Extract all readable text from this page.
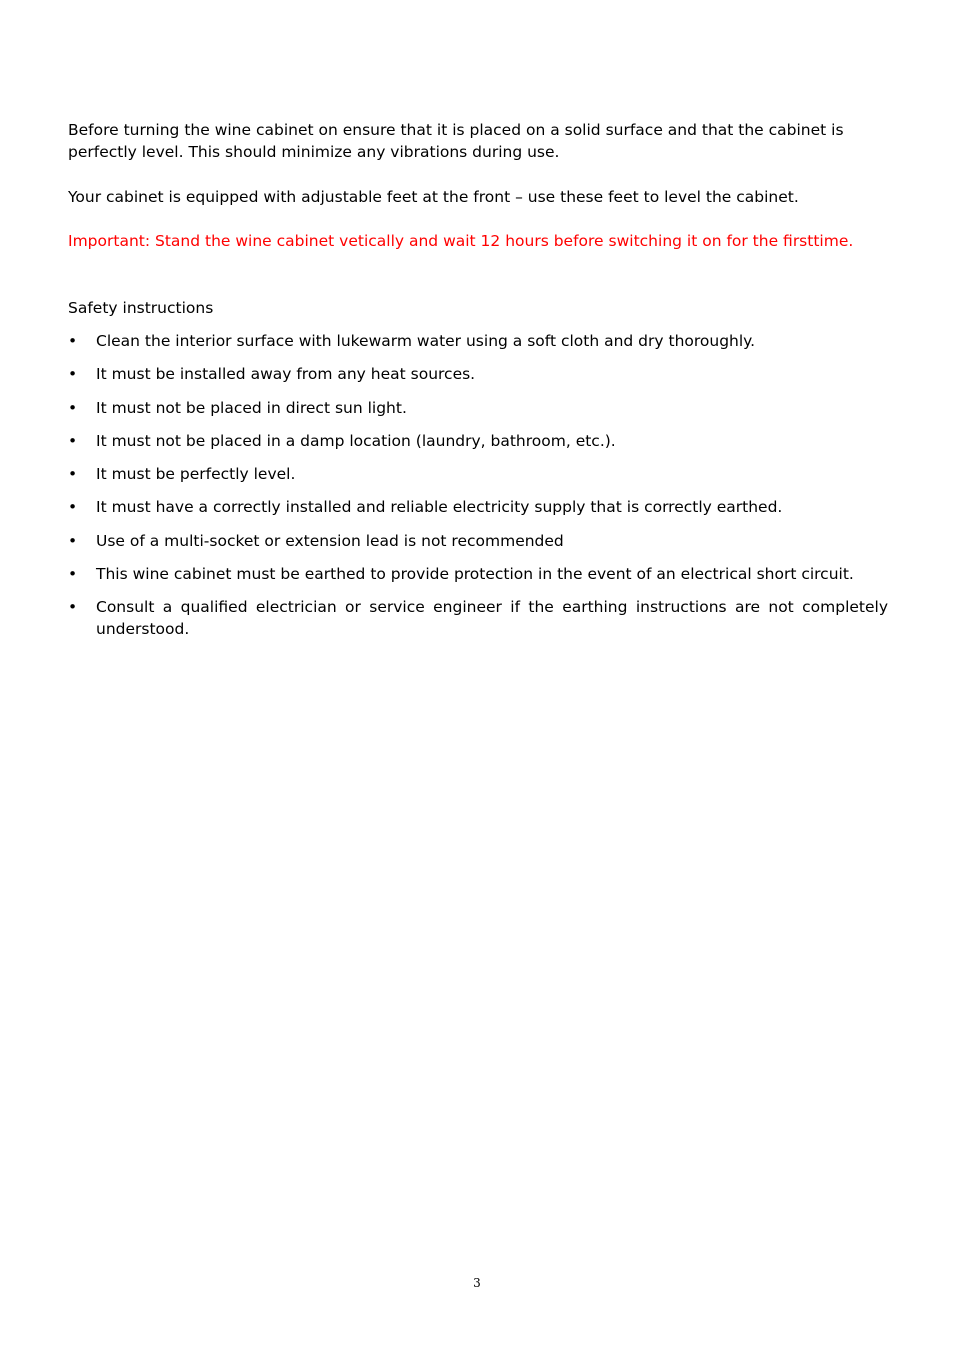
Before turning the wine cabinet on ensure that it is placed on a solid surface and that the cabinet is perfectly level. This should minimize any vibrations during use.

Your cabinet is equipped with adjustable feet at the front – use these feet to level the cabinet.

Important: Stand the wine cabinet vetically and wait 12 hours before switching it on for the firsttime.

Safety instructions

• Clean the interior surface with lukewarm water using a soft cloth and dry thoroughly.
• It must be installed away from any heat sources.
• It must not be placed in direct sun light.
• It must not be placed in a damp location (laundry, bathroom, etc.).
• It must be perfectly level.
• It must have a correctly installed and reliable electricity supply that is correctly earthed.
• Use of a multi-socket or extension lead is not recommended
• This wine cabinet must be earthed to provide protection in the event of an electrical short circuit.
• Consult a qualified electrician or service engineer if the earthing instructions are not completely understood.
3
